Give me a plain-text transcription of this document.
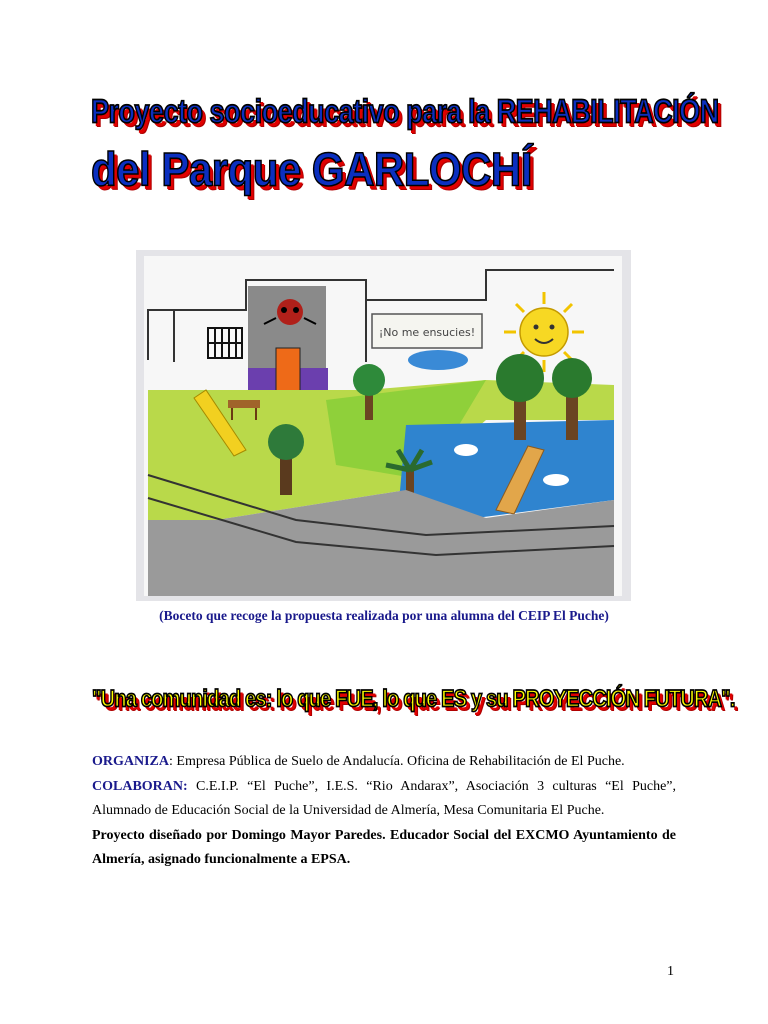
Proyecto socioeducativo para la REHABILITACIÓN
del Parque GARLOCHÍ
¡No me ensucies!
(Boceto que recoge la propuesta realizada por una alumna del CEIP El Puche)
"Una comunidad es: lo que FUE, lo que ES y su PROYECCIÓN FUTURA".

ORGANIZA: Empresa Pública de Suelo de Andalucía. Oficina de Rehabilitación de El Puche.

COLABORAN: C.E.I.P. “El Puche”, I.E.S. “Rio Andarax”, Asociación 3 culturas “El Puche”, Alumnado de Educación Social de la Universidad de Almería, Mesa Comunitaria El Puche.

Proyecto diseñado por Domingo Mayor Paredes. Educador Social del EXCMO Ayuntamiento de Almería, asignado funcionalmente a EPSA.

1
